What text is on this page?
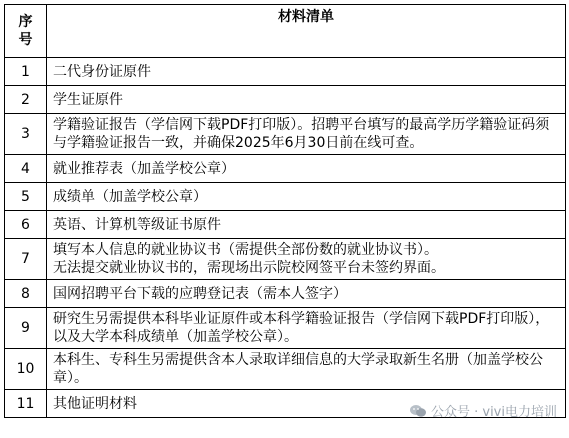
序号	材料清单
1	二代身份证原件
2	学生证原件
3	学籍验证报告（学信网下载PDF打印版）。招聘平台填写的最高学历学籍验证码须与学籍验证报告一致，并确保2025年6月30日前在线可查。
4	就业推荐表（加盖学校公章）
5	成绩单（加盖学校公章）
6	英语、计算机等级证书原件
7	填写本人信息的就业协议书（需提供全部份数的就业协议书）。
无法提交就业协议书的，需现场出示院校网签平台未签约界面。
8	国网招聘平台下载的应聘登记表（需本人签字）
9	研究生另需提供本科毕业证原件或本科学籍验证报告（学信网下载PDF打印版），以及大学本科成绩单（加盖学校公章）。
10	本科生、专科生另需提供含本人录取详细信息的大学录取新生名册（加盖学校公章）。
11	其他证明材料
公众号 · vivi电力培训
